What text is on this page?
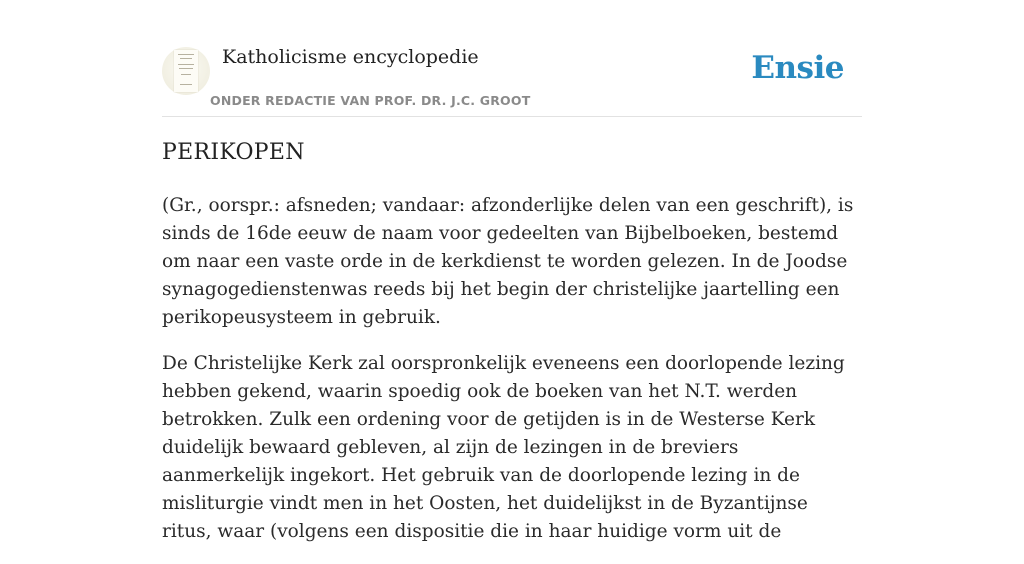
Katholicisme encyclopedie
ONDER REDACTIE VAN PROF. DR. J.C. GROOT
Ensie
PERIKOPEN

(Gr., oorspr.: afsneden; vandaar: afzonderlijke delen van een geschrift), is sinds de 16de eeuw de naam voor gedeelten van Bijbelboeken, bestemd om naar een vaste orde in de kerkdienst te worden gelezen. In de Joodse synagogedienstenwas reeds bij het begin der christelijke jaartelling een perikopeusysteem in gebruik.

De Christelijke Kerk zal oorspronkelijk eveneens een doorlopende lezing hebben gekend, waarin spoedig ook de boeken van het N.T. werden betrokken. Zulk een ordening voor de getijden is in de Westerse Kerk duidelijk bewaard gebleven, al zijn de lezingen in de breviers aanmerkelijk ingekort. Het gebruik van de doorlopende lezing in de misliturgie vindt men in het Oosten, het duidelijkst in de Byzantijnse ritus, waar (volgens een dispositie die in haar huidige vorm uit de
